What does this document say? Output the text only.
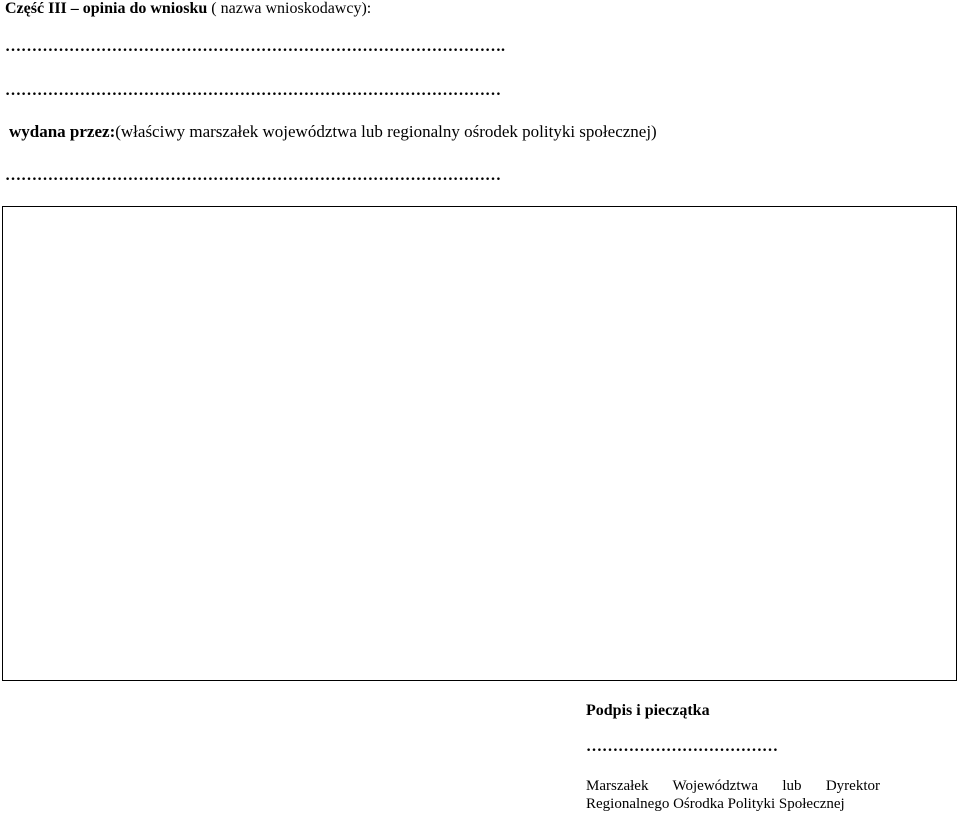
Część III – opinia do wniosku ( nazwa wnioskodawcy):
………………………………………………………………………………….
…………………………………………………………………………………
wydana przez:(właściwy marszałek województwa lub regionalny ośrodek polityki społecznej)
…………………………………………………………………………………
Podpis i pieczątka
………………………………
Marszałek Województwa lub Dyrektor
Regionalnego Ośrodka Polityki Społecznej
